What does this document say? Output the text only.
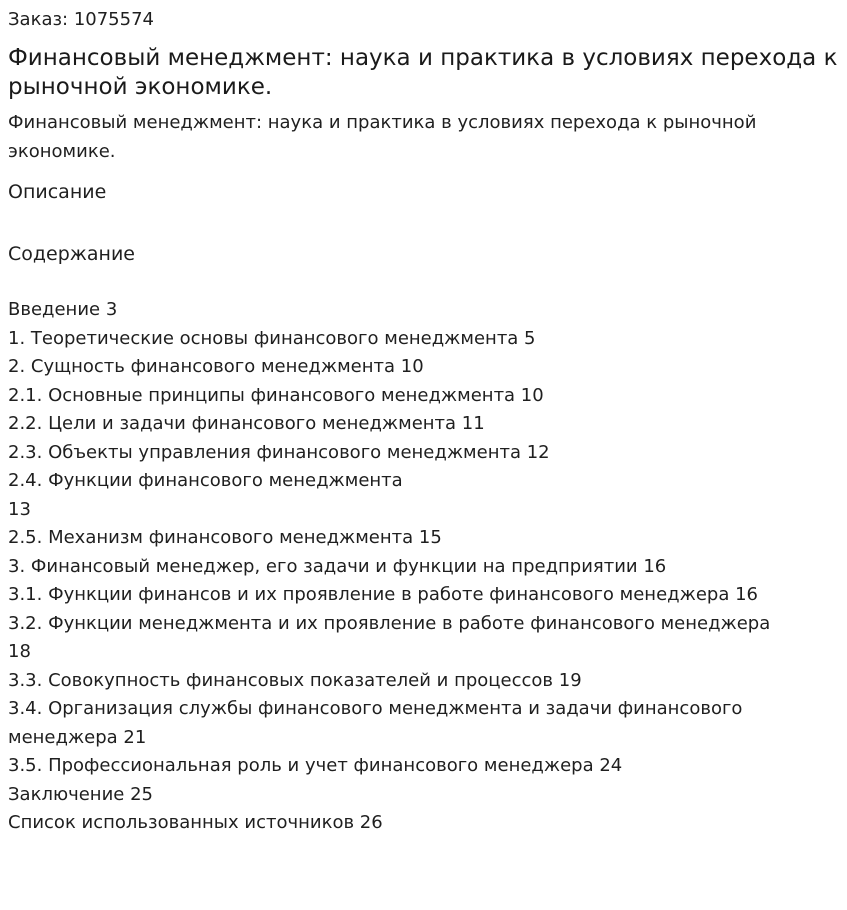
Заказ: 1075574
Финансовый менеджмент: наука и практика в условиях перехода к рыночной экономике.
Финансовый менеджмент: наука и практика в условиях перехода к рыночной экономике.
Описание
Содержание
Введение 3
1. Теоретические основы финансового менеджмента 5
2. Сущность финансового менеджмента 10
2.1. Основные принципы финансового менеджмента 10
2.2. Цели и задачи финансового менеджмента 11
2.3. Объекты управления финансового менеджмента 12
2.4. Функции финансового менеджмента
13
2.5. Механизм финансового менеджмента 15
3. Финансовый менеджер, его задачи и функции на предприятии 16
3.1. Функции финансов и их проявление в работе финансового менеджера 16
3.2. Функции менеджмента и их проявление в работе финансового менеджера
18
3.3. Совокупность финансовых показателей и процессов 19
3.4. Организация службы финансового менеджмента и задачи финансового
менеджера 21
3.5. Профессиональная роль и учет финансового менеджера 24
Заключение 25
Список использованных источников 26
